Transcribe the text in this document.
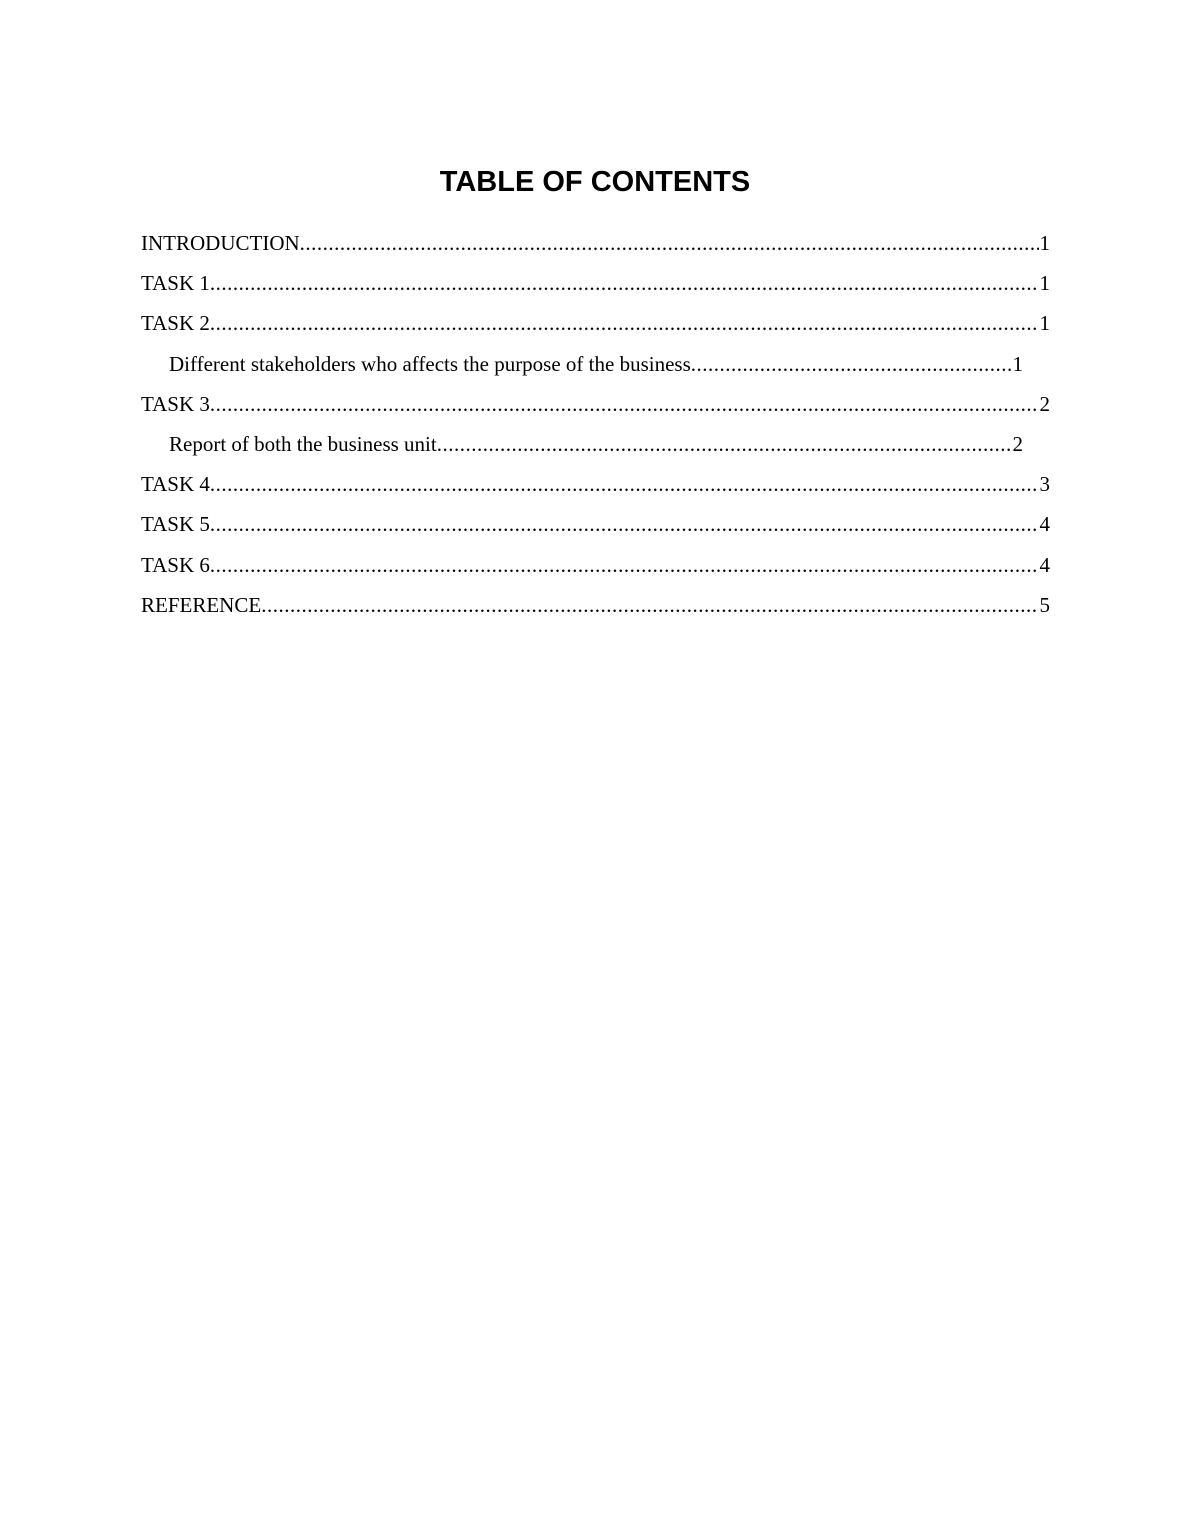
TABLE OF CONTENTS
INTRODUCTION .....	1
TASK 1 .....	1
TASK 2 .....	1
Different stakeholders who affects the purpose of the business .....	1
TASK 3 .....	2
Report of both the business unit .....	2
TASK 4 .....	3
TASK 5 .....	4
TASK 6 .....	4
REFERENCE .....	5
